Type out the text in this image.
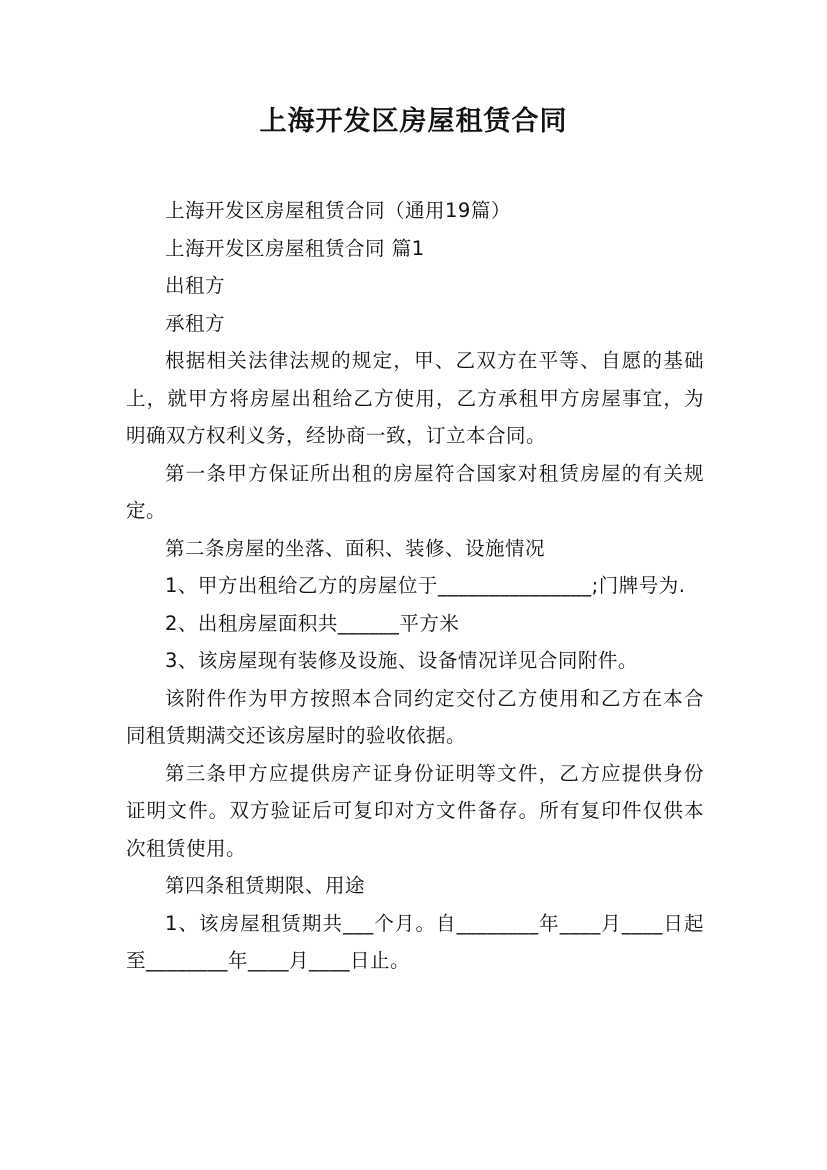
上海开发区房屋租赁合同

上海开发区房屋租赁合同（通用19篇）

上海开发区房屋租赁合同 篇1

出租方

承租方

根据相关法律法规的规定，甲、乙双方在平等、自愿的基础上，就甲方将房屋出租给乙方使用，乙方承租甲方房屋事宜，为明确双方权利义务，经协商一致，订立本合同。

第一条甲方保证所出租的房屋符合国家对租赁房屋的有关规定。

第二条房屋的坐落、面积、装修、设施情况

1、甲方出租给乙方的房屋位于_______________;门牌号为.

2、出租房屋面积共______平方米

3、该房屋现有装修及设施、设备情况详见合同附件。

该附件作为甲方按照本合同约定交付乙方使用和乙方在本合同租赁期满交还该房屋时的验收依据。

第三条甲方应提供房产证身份证明等文件，乙方应提供身份证明文件。双方验证后可复印对方文件备存。所有复印件仅供本次租赁使用。

第四条租赁期限、用途

1、该房屋租赁期共___个月。自________年____月____日起至________年____月____日止。
